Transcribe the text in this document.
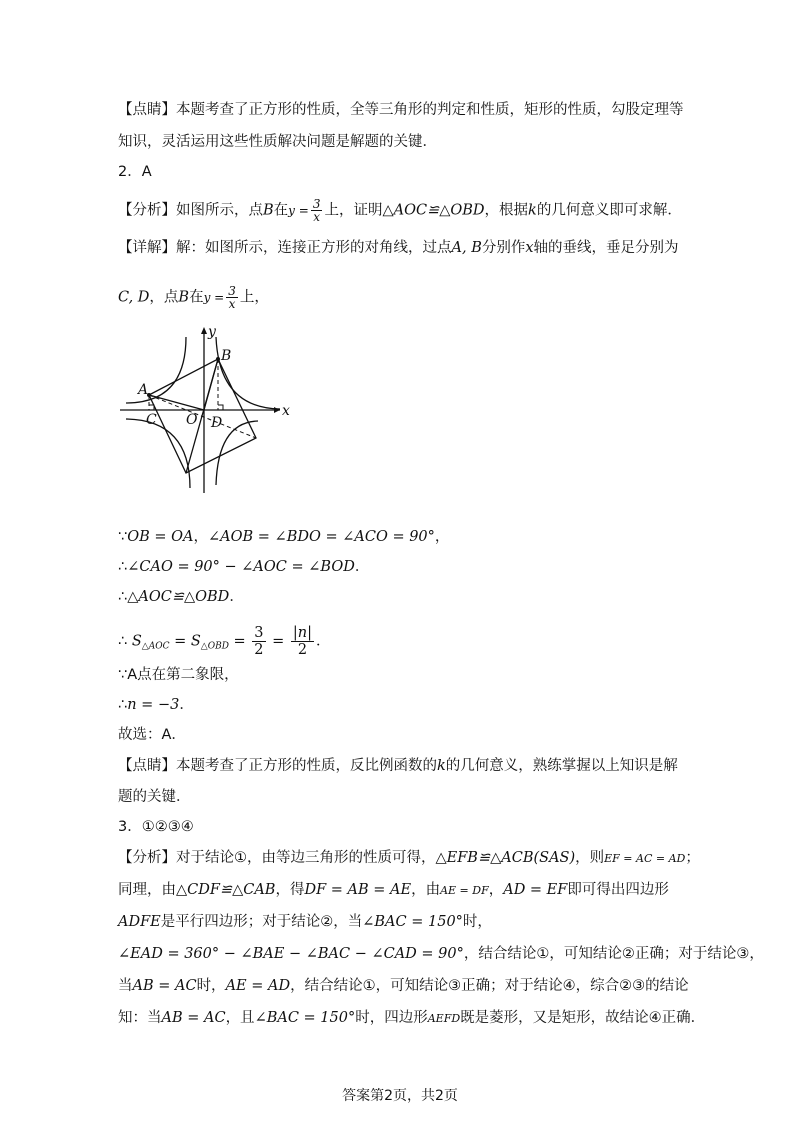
【点睛】本题考查了正方形的性质，全等三角形的判定和性质，矩形的性质，勾股定理等
知识，灵活运用这些性质解决问题是解题的关键．
2．A
【分析】如图所示，点B在$y = \frac{3}{x}$ 上，证明△AOC≌△OBD，根据k的几何意义即可求解．
【详解】解：如图所示，连接正方形的对角线，过点A, B分别作x轴的垂线，垂足分别为
C, D，点B在$y = \frac{3}{x}$ 上，
y
x
A
B
C O D
∵OB = OA，∠AOB = ∠BDO = ∠ACO = 90°，
∴∠CAO = 90° − ∠AOC = ∠BOD．
∴△AOC≌△OBD．
∴ $S_{\triangle AOC} = S_{\triangle OBD} = \frac{3}{2} = \frac{|n|}{2}$ ．
∵A点在第二象限，
∴n = −3．
故选：A．
【点睛】本题考查了正方形的性质，反比例函数的k的几何意义，熟练掌握以上知识是解
题的关键．
3．①②③④
【分析】对于结论①，由等边三角形的性质可得，△EFB≌△ACB(SAS)，则EF = AC = AD；
同理，由△CDF≌△CAB，得DF = AB = AE，由AE = DF，AD = EF即可得出四边形
ADFE是平行四边形；对于结论②，当∠BAC = 150°时，
∠EAD = 360° − ∠BAE − ∠BAC − ∠CAD = 90°，结合结论①，可知结论②正确；对于结论③，
当AB = AC时，AE = AD，结合结论①，可知结论③正确；对于结论④，综合②③的结论
知：当AB = AC，且∠BAC = 150°时，四边形AEFD既是菱形，又是矩形，故结论④正确．
答案第2页，共2页
